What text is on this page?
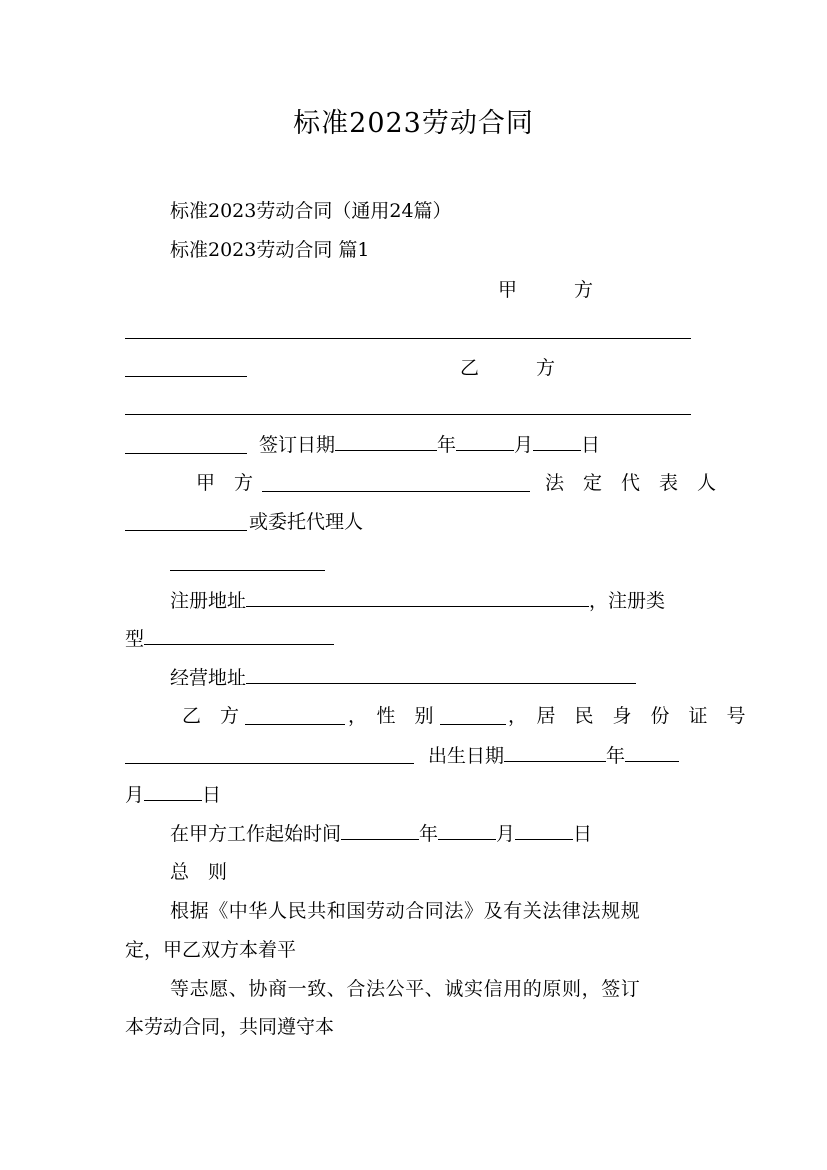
标准2023劳动合同
标准2023劳动合同（通用24篇）
标准2023劳动合同 篇1
甲　　　方
乙　　　方
签订日期	年	月	日
甲　方	法　定　代　表　人
或委托代理人
注册地址	，注册类
型
经营地址
乙　方	，　性　别	，　居　民　身　份　证　号
出生日期	年
月	日
在甲方工作起始时间	年	月	日
总　则
根据《中华人民共和国劳动合同法》及有关法律法规规
定，甲乙双方本着平
等志愿、协商一致、合法公平、诚实信用的原则，签订
本劳动合同，共同遵守本
